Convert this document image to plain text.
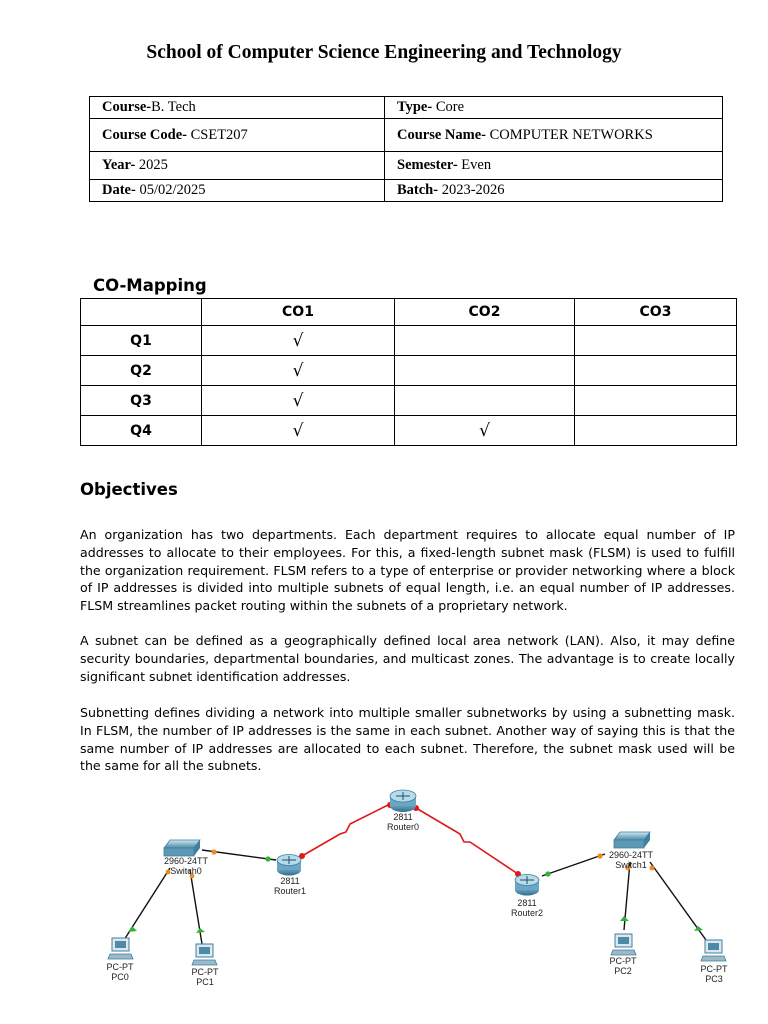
School of Computer Science Engineering and Technology
Course-B. Tech	Type- Core
Course Code- CSET207	Course Name- COMPUTER NETWORKS
Year- 2025	Semester- Even
Date- 05/02/2025	Batch- 2023-2026
CO-Mapping
	CO1	CO2	CO3
Q1	√		
Q2	√		
Q3	√		
Q4	√	√	
Objectives

An organization has two departments. Each department requires to allocate equal number of IP addresses to allocate to their employees. For this, a fixed-length subnet mask (FLSM) is used to fulfill the organization requirement. FLSM refers to a type of enterprise or provider networking where a block of IP addresses is divided into multiple subnets of equal length, i.e. an equal number of IP addresses. FLSM streamlines packet routing within the subnets of a proprietary network.

A subnet can be defined as a geographically defined local area network (LAN). Also, it may define security boundaries, departmental boundaries, and multicast zones. The advantage is to create locally significant subnet identification addresses.

Subnetting defines dividing a network into multiple smaller subnetworks by using a subnetting mask. In FLSM, the number of IP addresses is the same in each subnet. Another way of saying this is that the same number of IP addresses are allocated to each subnet. Therefore, the subnet mask used will be the same for all the subnets.

2811
Router0
2811
Router1
2811
Router2
2960-24TT
Switch0
2960-24TT
Switch1
PC-PT
PC0	PC-PT
PC1
PC-PT
PC2	PC-PT
PC3
